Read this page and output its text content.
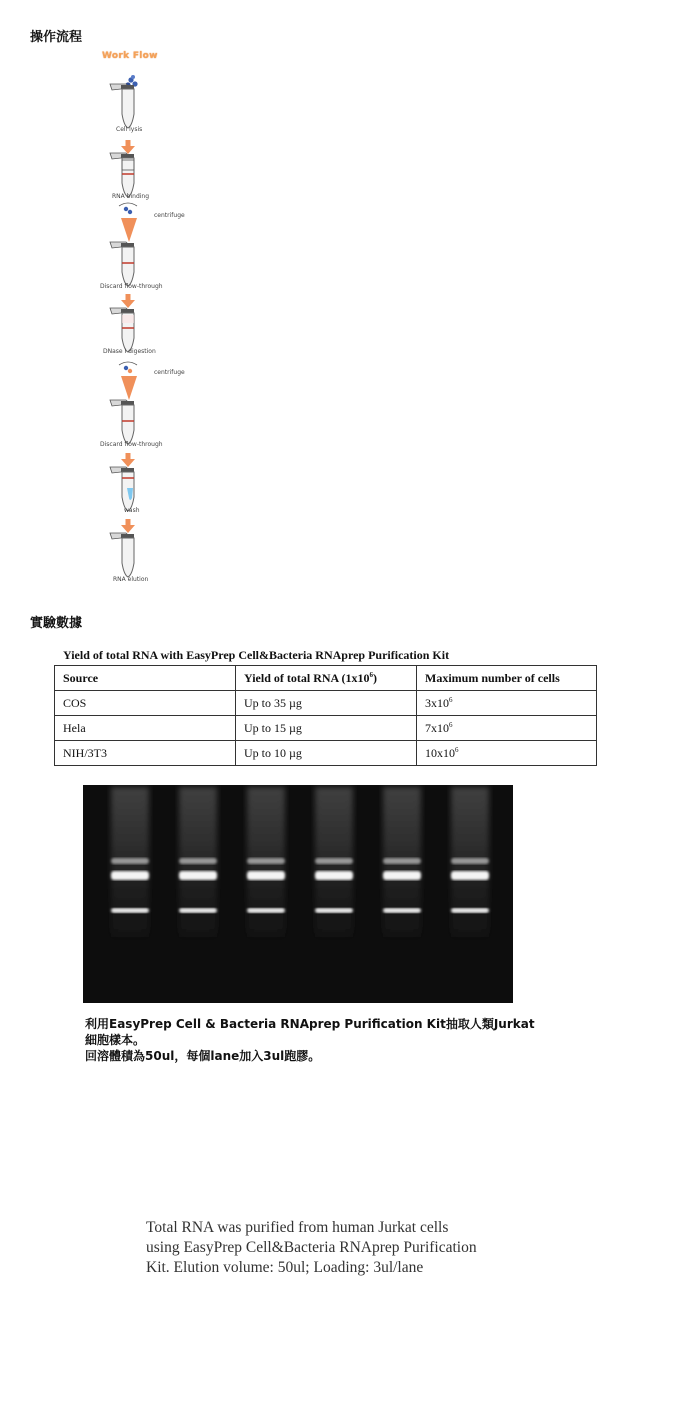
操作流程
Work Flow
Cell lysis
RNA binding
centrifuge
Discard flow-through
DNase I digestion
centrifuge
Discard flow-through
wash
RNA elution
實驗數據
Yield of total RNA with EasyPrep Cell&Bacteria RNAprep Purification Kit
Source	Yield of total RNA $(1x10^6)$	Maximum number of cells
COS	Up to 35 µg	$3x10^6$
Hela	Up to 15 µg	$7x10^6$
NIH/3T3	Up to 10 µg	$10x10^6$
利用EasyPrep Cell & Bacteria RNAprep Purification Kit抽取人類Jurkat
細胞樣本。
回溶體積為50ul，每個lane加入3ul跑膠。
Total RNA was purified from human Jurkat cells
using EasyPrep Cell&Bacteria RNAprep Purification
Kit. Elution volume: 50ul; Loading: 3ul/lane
